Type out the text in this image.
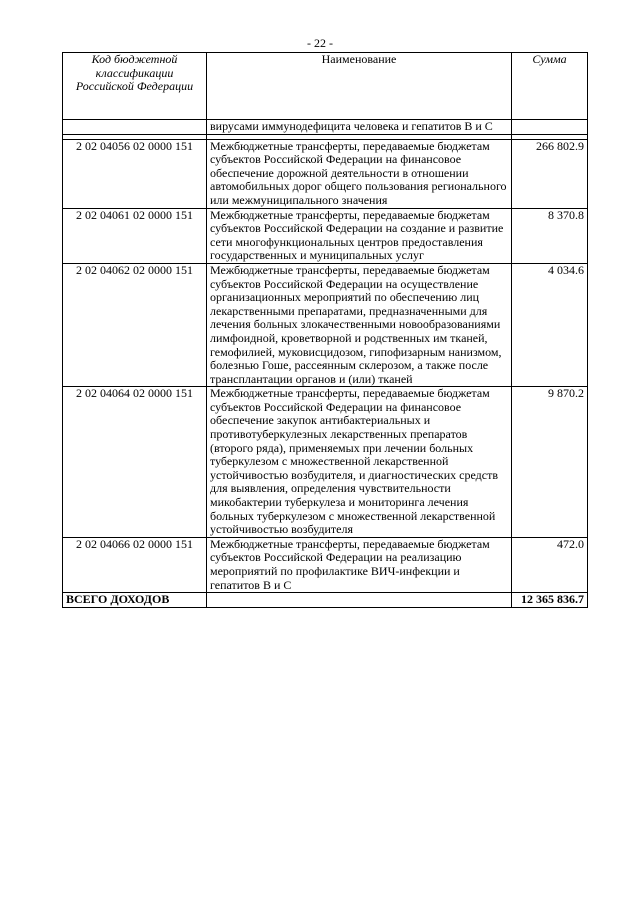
- 22 -
Код бюджетной классификации Российской Федерации	Наименование	Сумма
	вирусами иммунодефицита человека и гепатитов В и С	

2 02 04056 02 0000 151	Межбюджетные трансферты, передаваемые бюджетам субъектов Российской Федерации на финансовое обеспечение дорожной деятельности в отношении автомобильных дорог общего пользования регионального или межмуниципального значения	266 802.9
2 02 04061 02 0000 151	Межбюджетные трансферты, передаваемые бюджетам субъектов Российской Федерации на создание и развитие сети многофункциональных центров предоставления государственных и муниципальных услуг	8 370.8
2 02 04062 02 0000 151	Межбюджетные трансферты, передаваемые бюджетам субъектов Российской Федерации на осуществление организационных мероприятий по обеспечению лиц лекарственными препаратами, предназначенными для лечения больных злокачественными новообразованиями лимфоидной, кроветворной и родственных им тканей, гемофилией, муковисцидозом, гипофизарным нанизмом, болезнью Гоше, рассеянным склерозом, а также после трансплантации органов и (или) тканей	4 034.6
2 02 04064 02 0000 151	Межбюджетные трансферты, передаваемые бюджетам субъектов Российской Федерации на финансовое обеспечение закупок антибактериальных и противотуберкулезных лекарственных препаратов (второго ряда), применяемых при лечении больных туберкулезом с множественной лекарственной устойчивостью возбудителя, и диагностических средств для выявления, определения чувствительности микобактерии туберкулеза и мониторинга лечения больных туберкулезом с множественной лекарственной устойчивостью возбудителя	9 870.2
2 02 04066 02 0000 151	Межбюджетные трансферты, передаваемые бюджетам субъектов Российской Федерации на реализацию мероприятий по профилактике ВИЧ-инфекции и гепатитов В и С	472.0
ВСЕГО ДОХОДОВ		12 365 836.7
